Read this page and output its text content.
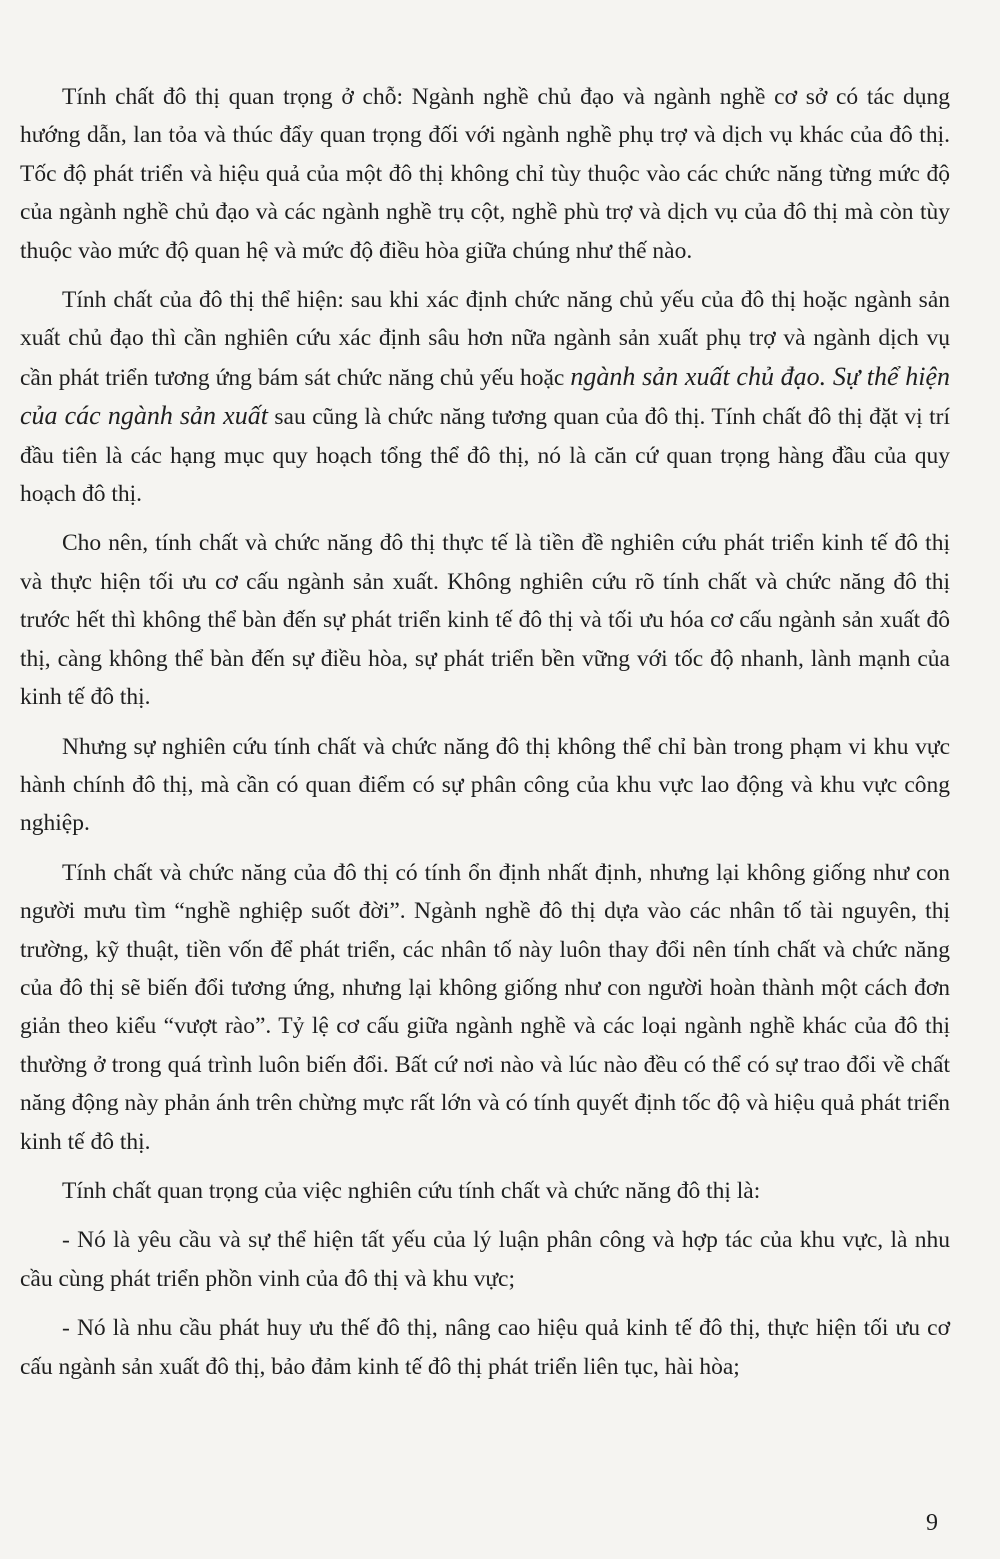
Tính chất đô thị quan trọng ở chỗ: Ngành nghề chủ đạo và ngành nghề cơ sở có tác dụng hướng dẫn, lan tỏa và thúc đẩy quan trọng đối với ngành nghề phụ trợ và dịch vụ khác của đô thị. Tốc độ phát triển và hiệu quả của một đô thị không chỉ tùy thuộc vào các chức năng từng mức độ của ngành nghề chủ đạo và các ngành nghề trụ cột, nghề phù trợ và dịch vụ của đô thị mà còn tùy thuộc vào mức độ quan hệ và mức độ điều hòa giữa chúng như thế nào.

Tính chất của đô thị thể hiện: sau khi xác định chức năng chủ yếu của đô thị hoặc ngành sản xuất chủ đạo thì cần nghiên cứu xác định sâu hơn nữa ngành sản xuất phụ trợ và ngành dịch vụ cần phát triển tương ứng bám sát chức năng chủ yếu hoặc ngành sản xuất chủ đạo. Sự thể hiện của các ngành sản xuất sau cũng là chức năng tương quan của đô thị. Tính chất đô thị đặt vị trí đầu tiên là các hạng mục quy hoạch tổng thể đô thị, nó là căn cứ quan trọng hàng đầu của quy hoạch đô thị.

Cho nên, tính chất và chức năng đô thị thực tế là tiền đề nghiên cứu phát triển kinh tế đô thị và thực hiện tối ưu cơ cấu ngành sản xuất. Không nghiên cứu rõ tính chất và chức năng đô thị trước hết thì không thể bàn đến sự phát triển kinh tế đô thị và tối ưu hóa cơ cấu ngành sản xuất đô thị, càng không thể bàn đến sự điều hòa, sự phát triển bền vững với tốc độ nhanh, lành mạnh của kinh tế đô thị.

Nhưng sự nghiên cứu tính chất và chức năng đô thị không thể chỉ bàn trong phạm vi khu vực hành chính đô thị, mà cần có quan điểm có sự phân công của khu vực lao động và khu vực công nghiệp.

Tính chất và chức năng của đô thị có tính ổn định nhất định, nhưng lại không giống như con người mưu tìm “nghề nghiệp suốt đời”. Ngành nghề đô thị dựa vào các nhân tố tài nguyên, thị trường, kỹ thuật, tiền vốn để phát triển, các nhân tố này luôn thay đổi nên tính chất và chức năng của đô thị sẽ biến đổi tương ứng, nhưng lại không giống như con người hoàn thành một cách đơn giản theo kiểu “vượt rào”. Tỷ lệ cơ cấu giữa ngành nghề và các loại ngành nghề khác của đô thị thường ở trong quá trình luôn biến đổi. Bất cứ nơi nào và lúc nào đều có thể có sự trao đổi về chất năng động này phản ánh trên chừng mực rất lớn và có tính quyết định tốc độ và hiệu quả phát triển kinh tế đô thị.

Tính chất quan trọng của việc nghiên cứu tính chất và chức năng đô thị là:

- Nó là yêu cầu và sự thể hiện tất yếu của lý luận phân công và hợp tác của khu vực, là nhu cầu cùng phát triển phồn vinh của đô thị và khu vực;

- Nó là nhu cầu phát huy ưu thế đô thị, nâng cao hiệu quả kinh tế đô thị, thực hiện tối ưu cơ cấu ngành sản xuất đô thị, bảo đảm kinh tế đô thị phát triển liên tục, hài hòa;

9
